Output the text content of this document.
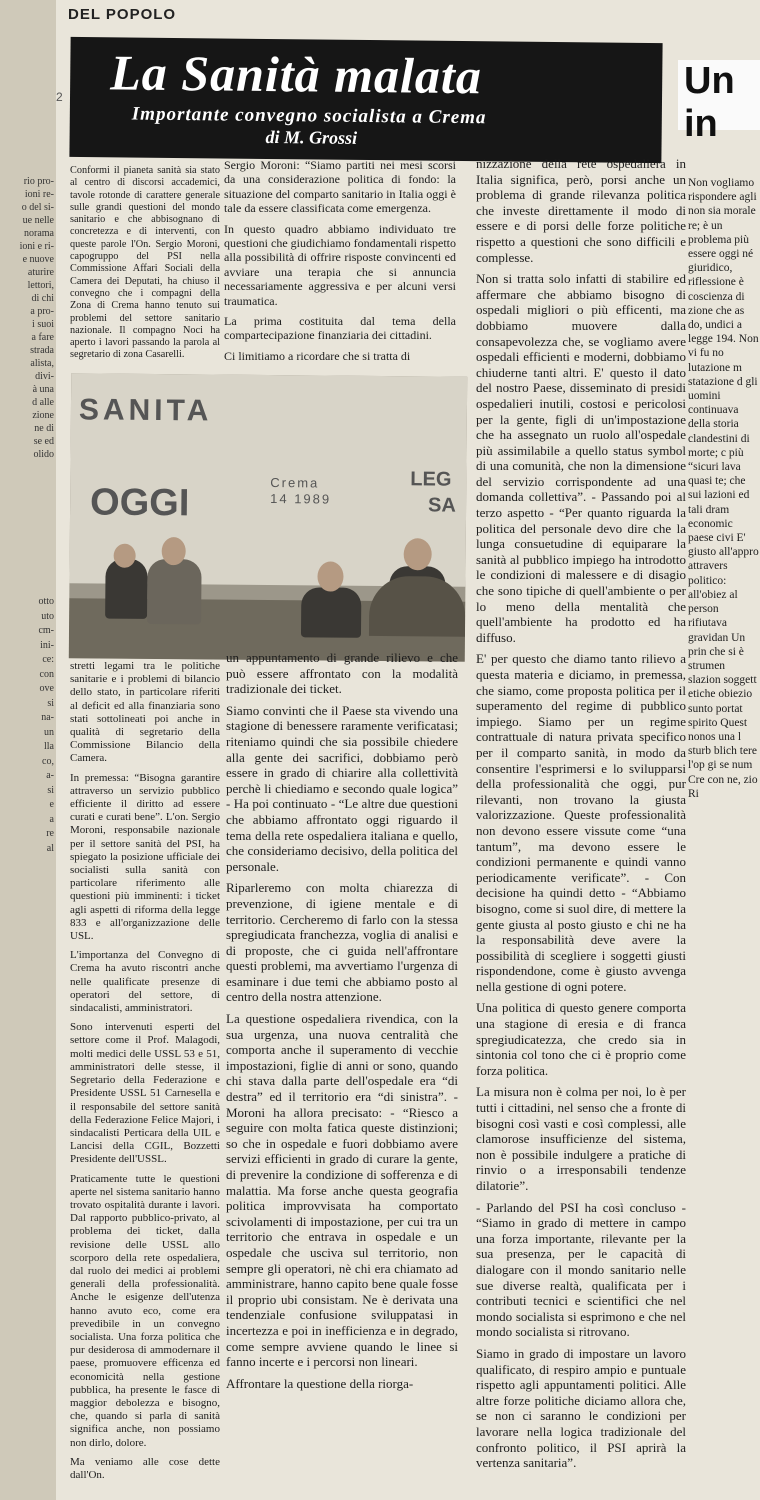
rio pro-
ioni re-
o del si-
ue nelle
norama
ioni e ri-
e nuove
aturire
lettori,
di chi
a pro-
i suoi
a fare
strada
alista,
divi-
à una
d alle
zione
ne di
se ed
olido
otto
uto
cm-
ini-
ce:
con
ove
si
na-
un
lla
co,
a-
si
e
a
re
al
DEL POPOLO
2 La Sanità malata
Importante convegno socialista a Crema
di M. Grossi
Un in

Conformi il pianeta sanità sia stato al centro di discorsi accademici, tavole rotonde di carattere generale sulle grandi questioni del mondo sanitario e che abbisognano di concretezza e di interventi, con queste parole l'On. Sergio Moroni, capogruppo del PSI nella Commissione Affari Sociali della Camera dei Deputati, ha chiuso il convegno che i compagni della Zona di Crema hanno tenuto sui problemi del settore sanitario nazionale. Il compagno Noci ha aperto i lavori passando la parola al segretario di zona Casarelli.

Sergio Moroni: “Siamo partiti nei mesi scorsi da una considerazione politica di fondo: la situazione del comparto sanitario in Italia oggi è tale da essere classificata come emergenza.

In questo quadro abbiamo individuato tre questioni che giudichiamo fondamentali rispetto alla possibilità di offrire risposte convincenti ed avviare una terapia che si annuncia necessariamente aggressiva e per alcuni versi traumatica.

La prima costituita dal tema della compartecipazione finanziaria dei cittadini.

Ci limitiamo a ricordare che si tratta di

SANITA
OGGI	Crema
14 1989
LEG
SA

stretti legami tra le politiche sanitarie e i problemi di bilancio dello stato, in particolare riferiti al deficit ed alla finanziaria sono stati sottolineati poi anche in qualità di segretario della Commissione Bilancio della Camera.

In premessa: “Bisogna garantire attraverso un servizio pubblico efficiente il diritto ad essere curati e curati bene”. L'on. Sergio Moroni, responsabile nazionale per il settore sanità del PSI, ha spiegato la posizione ufficiale dei socialisti sulla sanità con particolare riferimento alle questioni più imminenti: i ticket agli aspetti di riforma della legge 833 e all'organizzazione delle USL.

L'importanza del Convegno di Crema ha avuto riscontri anche nelle qualificate presenze di operatori del settore, di sindacalisti, amministratori.

Sono intervenuti esperti del settore come il Prof. Malagodi, molti medici delle USSL 53 e 51, amministratori delle stesse, il Segretario della Federazione e Presidente USSL 51 Carnesella e il responsabile del settore sanità della Federazione Felice Majori, i sindacalisti Perticara della UIL e Lancisi della CGIL, Bozzetti Presidente dell'USSL.

Praticamente tutte le questioni aperte nel sistema sanitario hanno trovato ospitalità durante i lavori. Dal rapporto pubblico-privato, al problema dei ticket, dalla revisione delle USSL allo scorporo della rete ospedaliera, dal ruolo dei medici ai problemi generali della professionalità. Anche le esigenze dell'utenza hanno avuto eco, come era prevedibile in un convegno socialista. Una forza politica che pur desiderosa di ammodernare il paese, promuovere efficenza ed economicità nella gestione pubblica, ha presente le fasce di maggior debolezza e bisogno, che, quando si parla di sanità significa anche, non possiamo non dirlo, dolore.

Ma veniamo alle cose dette dall'On.

un appuntamento di grande rilievo e che può essere affrontato con la modalità tradizionale dei ticket.

Siamo convinti che il Paese sta vivendo una stagione di benessere raramente verificatasi; riteniamo quindi che sia possibile chiedere alla gente dei sacrifici, dobbiamo però essere in grado di chiarire alla collettività perchè li chiediamo e secondo quale logica” - Ha poi continuato - “Le altre due questioni che abbiamo affrontato oggi riguardo il tema della rete ospedaliera italiana e quello, che consideriamo decisivo, della politica del personale.

Riparleremo con molta chiarezza di prevenzione, di igiene mentale e di territorio. Cercheremo di farlo con la stessa spregiudicata franchezza, voglia di analisi e di proposte, che ci guida nell'affrontare questi problemi, ma avvertiamo l'urgenza di esaminare i due temi che abbiamo posto al centro della nostra attenzione.

La questione ospedaliera rivendica, con la sua urgenza, una nuova centralità che comporta anche il superamento di vecchie impostazioni, figlie di anni or sono, quando chi stava dalla parte dell'ospedale era “di destra” ed il territorio era “di sinistra”. - Moroni ha allora precisato: - “Riesco a seguire con molta fatica queste distinzioni; so che in ospedale e fuori dobbiamo avere servizi efficienti in grado di curare la gente, di prevenire la condizione di sofferenza e di malattia. Ma forse anche questa geografia politica improvvisata ha comportato scivolamenti di impostazione, per cui tra un territorio che entrava in ospedale e un ospedale che usciva sul territorio, non sempre gli operatori, nè chi era chiamato ad amministrare, hanno capito bene quale fosse il proprio ubi consistam. Ne è derivata una tendenziale confusione sviluppatasi in incertezza e poi in inefficienza e in degrado, come sempre avviene quando le linee si fanno incerte e i percorsi non lineari.

Affrontare la questione della riorga-

nizzazione della rete ospedaliera in Italia significa, però, porsi anche un problema di grande rilevanza politica che investe direttamente il modo di essere e di porsi delle forze politiche rispetto a questioni che sono difficili e complesse.

Non si tratta solo infatti di stabilire ed affermare che abbiamo bisogno di ospedali migliori o più efficenti, ma dobbiamo muovere dalla consapevolezza che, se vogliamo avere ospedali efficienti e moderni, dobbiamo chiuderne tanti altri. E' questo il dato del nostro Paese, disseminato di presidi ospedalieri inutili, costosi e pericolosi per la gente, figli di un'impostazione che ha assegnato un ruolo all'ospedale più assimilabile a quello status symbol di una comunità, che non la dimensione del servizio corrispondente ad una domanda collettiva”. - Passando poi al terzo aspetto - “Per quanto riguarda la politica del personale devo dire che la lunga consuetudine di equiparare la sanità al pubblico impiego ha introdotto le condizioni di malessere e di disagio che sono tipiche di quell'ambiente o per lo meno della mentalità che quell'ambiente ha prodotto ed ha diffuso.

E' per questo che diamo tanto rilievo a questa materia e diciamo, in premessa, che siamo, come proposta politica per il superamento del regime di pubblico impiego. Siamo per un regime contrattuale di natura privata specifico per il comparto sanità, in modo da consentire l'esprimersi e lo svilupparsi della professionalità che oggi, pur rilevanti, non trovano la giusta valorizzazione. Queste professionalità non devono essere vissute come “una tantum”, ma devono essere le condizioni permanente e quindi vanno periodicamente verificate”. - Con decisione ha quindi detto - “Abbiamo bisogno, come si suol dire, di mettere la gente giusta al posto giusto e chi ne ha la responsabilità deve avere la possibilità di sceglierе i soggetti giusti rispondendone, come è giusto avvenga nella gestione di ogni potere.

Una politica di questo genere comporta una stagione di eresia e di franca spregiudicatezza, che credo sia in sintonia col tono che ci è proprio come forza politica.

La misura non è colma per noi, lo è per tutti i cittadini, nel senso che a fronte di bisogni così vasti e così complessi, alle clamorose insufficienze del sistema, non è possibile indulgere a pratiche di rinvio o a irresponsabili tendenze dilatorie”.

- Parlando del PSI ha così concluso - “Siamo in grado di mettere in campo una forza importante, rilevante per la sua presenza, per le capacità di dialogare con il mondo sanitario nelle sue diverse realtà, qualificata per i contributi tecnici e scientifici che nel mondo socialista si esprimono e che nel mondo socialista si ritrovano.

Siamo in grado di impostare un lavoro qualificato, di respiro ampio e puntuale rispetto agli appuntamenti politici. Alle altre forze politiche diciamo allora che, se non ci saranno le condizioni per lavorare nella logica tradizionale del confronto politico, il PSI aprirà la vertenza sanitaria”.

Non vogliamo rispondere agli non sia morale re; è un problema più essere oggi né giuridico, riflessione è coscienza di zione che as do, undici a legge 194. Non vi fu no lutazione m statazione d gli uomini continuava della storia clandestini di morte; c più “sicuri lava quasi te; che sui lazioni ed tali dram economic paese civi E' giusto all'appro attravers politico: all'obiez al person rifiutava gravidan Un prin che si è strumen slazion soggett etiche obiezio sunto portat spirito Quest nonos una l sturb blich tere l'op gi se num Cre con ne, zio Ri
